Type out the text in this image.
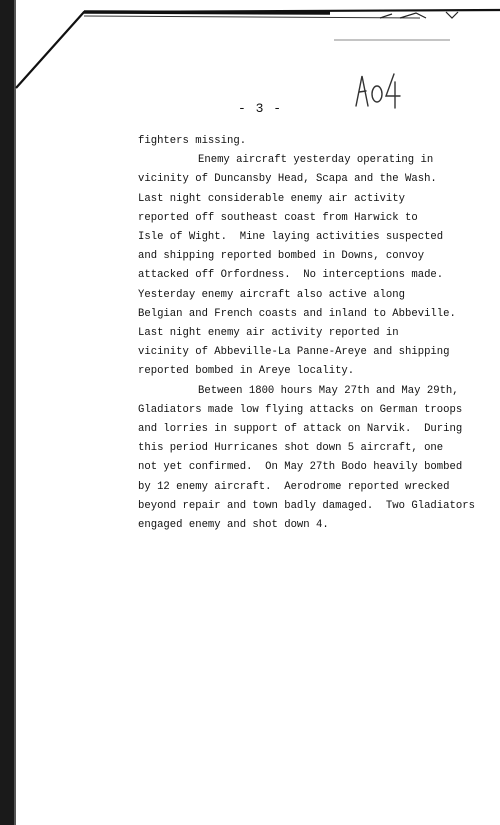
- 3 -
fighters missing.
Enemy aircraft yesterday operating in
vicinity of Duncansby Head, Scapa and the Wash.
Last night considerable enemy air activity
reported off southeast coast from Harwick to
Isle of Wight.  Mine laying activities suspected
and shipping reported bombed in Downs, convoy
attacked off Orfordness.  No interceptions made.
Yesterday enemy aircraft also active along
Belgian and French coasts and inland to Abbeville.
Last night enemy air activity reported in
vicinity of Abbeville-La Panne-Areye and shipping
reported bombed in Areye locality.
Between 1800 hours May 27th and May 29th,
Gladiators made low flying attacks on German troops
and lorries in support of attack on Narvik.  During
this period Hurricanes shot down 5 aircraft, one
not yet confirmed.  On May 27th Bodo heavily bombed
by 12 enemy aircraft.  Aerodrome reported wrecked
beyond repair and town badly damaged.  Two Gladiators
engaged enemy and shot down 4.
